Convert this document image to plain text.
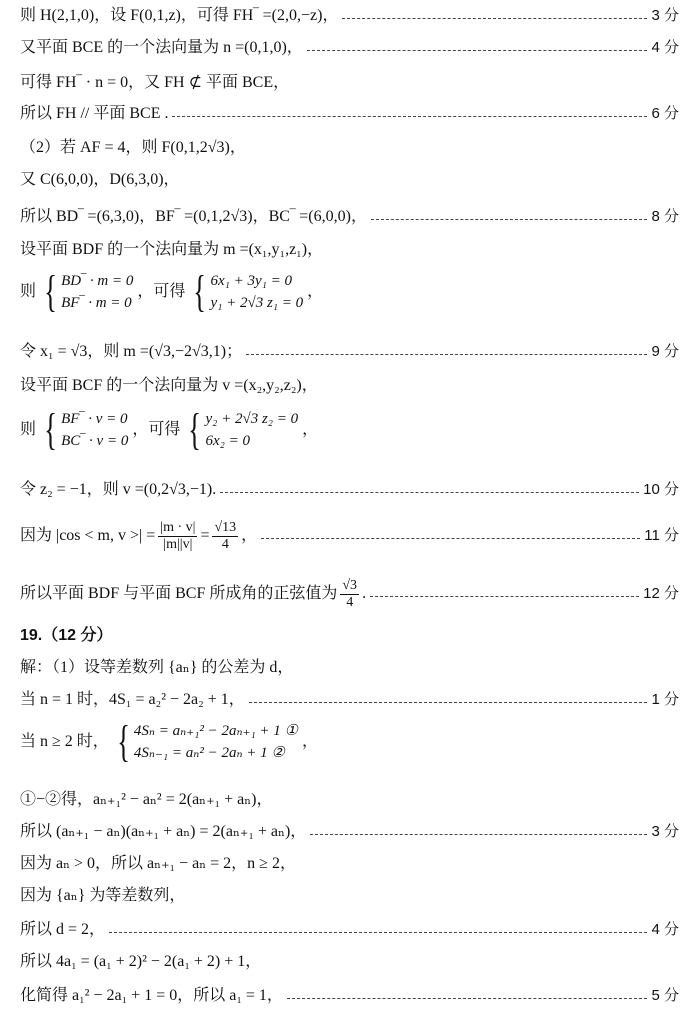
则 H(2,1,0)，设 F(0,1,z)，可得 FH‾ =(2,0,−z)，	3 分
又平面 BCE 的一个法向量为 n =(0,1,0)，	4 分
可得 FH‾ · n = 0，又 FH ⊄ 平面 BCE，
所以 FH // 平面 BCE .	6 分
（2）若 AF = 4，则 F(0,1,2√3)，
又 C(6,0,0)，D(6,3,0)，
所以 BD‾ =(6,3,0)，BF‾ =(0,1,2√3)，BC‾ =(6,0,0)，	8 分
设平面 BDF 的一个法向量为 m =(x₁,y₁,z₁)，
则 { BD‾ · m = 0
BF‾ · m = 0
，可得 { 6x₁ + 3y₁ = 0
y₁ + 2√3 z₁ = 0
，
令 x₁ = √3，则 m =(√3,−2√3,1)；	9 分
设平面 BCF 的一个法向量为 v =(x₂,y₂,z₂)，
则 { BF‾ · v = 0
BC‾ · v = 0
，可得 { y₂ + 2√3 z₂ = 0
6x₂ = 0
，
令 z₂ = −1，则 v =(0,2√3,−1).	10 分
因为 |cos < m, v >| = $\frac{|m \cdot v|}{|m||v|} = \frac{√13}{4}$ ，	11 分
所以平面 BDF 与平面 BCF 所成角的正弦值为 $\frac{√3}{4}$ .	12 分
19.（12 分）
解：（1）设等差数列 {aₙ} 的公差为 d，
当 n = 1 时，4S₁ = a₂² − 2a₂ + 1，	1 分
当 n ≥ 2 时， { 4Sₙ = aₙ₊₁² − 2aₙ₊₁ + 1 ①
4Sₙ₋₁ = aₙ² − 2aₙ + 1 ②
，
①−②得，aₙ₊₁² − aₙ² = 2(aₙ₊₁ + aₙ)，
所以 (aₙ₊₁ − aₙ)(aₙ₊₁ + aₙ) = 2(aₙ₊₁ + aₙ)，	3 分
因为 aₙ > 0，所以 aₙ₊₁ − aₙ = 2，n ≥ 2，
因为 {aₙ} 为等差数列，
所以 d = 2，	4 分
所以 4a₁ = (a₁ + 2)² − 2(a₁ + 2) + 1，
化简得 a₁² − 2a₁ + 1 = 0，所以 a₁ = 1，	5 分
